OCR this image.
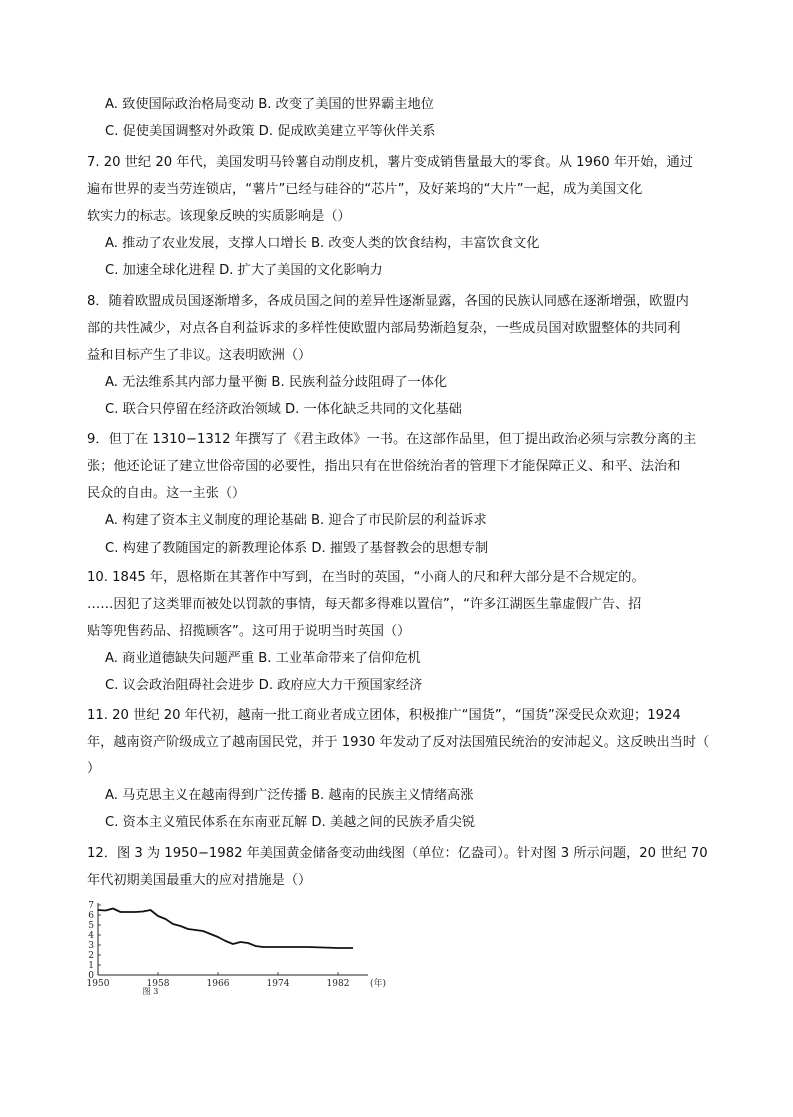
A. 致使国际政治格局变动 B. 改变了美国的世界霸主地位
C. 促使美国调整对外政策 D. 促成欧美建立平等伙伴关系
7. 20 世纪 20 年代，美国发明马铃薯自动削皮机，薯片变成销售量最大的零食。从 1960 年开始，通过
遍布世界的麦当劳连锁店，“薯片”已经与硅谷的“芯片”，及好莱坞的“大片”一起，成为美国文化
软实力的标志。该现象反映的实质影响是（）
A. 推动了农业发展，支撑人口增长 B. 改变人类的饮食结构，丰富饮食文化
C. 加速全球化进程 D. 扩大了美国的文化影响力
8．随着欧盟成员国逐渐增多，各成员国之间的差异性逐渐显露，各国的民族认同感在逐渐增强，欧盟内
部的共性减少，对点各自利益诉求的多样性使欧盟内部局势渐趋复杂，一些成员国对欧盟整体的共同利
益和目标产生了非议。这表明欧洲（）
A. 无法维系其内部力量平衡 B. 民族利益分歧阻碍了一体化
C. 联合只停留在经济政治领域 D. 一体化缺乏共同的文化基础
9．但丁在 1310−1312 年撰写了《君主政体》一书。在这部作品里，但丁提出政治必须与宗教分离的主
张；他还论证了建立世俗帝国的必要性，指出只有在世俗统治者的管理下才能保障正义、和平、法治和
民众的自由。这一主张（）
A. 构建了资本主义制度的理论基础 B. 迎合了市民阶层的利益诉求
C. 构建了教随国定的新教理论体系 D. 摧毁了基督教会的思想专制
10. 1845 年，恩格斯在其著作中写到，在当时的英国，“小商人的尺和秤大部分是不合规定的。
……因犯了这类罪而被处以罚款的事情，每天都多得难以置信”，“许多江湖医生靠虚假广告、招
贴等兜售药品、招揽顾客”。这可用于说明当时英国（）
A. 商业道德缺失问题严重 B. 工业革命带来了信仰危机
C. 议会政治阻碍社会进步 D. 政府应大力干预国家经济
11. 20 世纪 20 年代初，越南一批工商业者成立团体，积极推广“国货”，“国货”深受民众欢迎；1924
年，越南资产阶级成立了越南国民党，并于 1930 年发动了反对法国殖民统治的安沛起义。这反映出当时（
）
A. 马克思主义在越南得到广泛传播 B. 越南的民族主义情绪高涨
C. 资本主义殖民体系在东南亚瓦解 D. 美越之间的民族矛盾尖锐
12．图 3 为 1950−1982 年美国黄金储备变动曲线图（单位：亿盎司）。针对图 3 所示问题，20 世纪 70
年代初期美国最重大的应对措施是（）
0
1
2
3
4
5
6
7
1950	1958	1966	1974	1982 (年)
图 3
